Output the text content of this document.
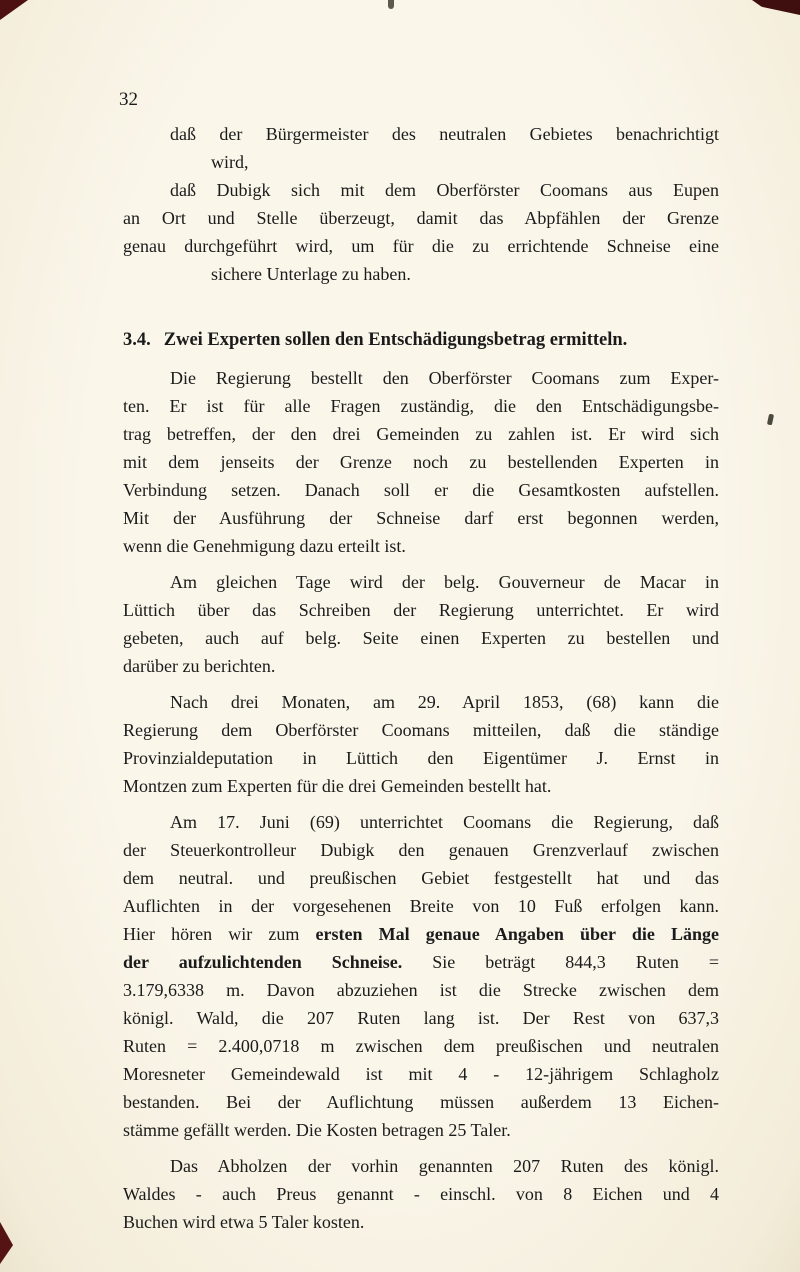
32
daß der Bürgermeister des neutralen Gebietes benachrichtigt
wird,
daß Dubigk sich mit dem Oberförster Coomans aus Eupen
an Ort und Stelle überzeugt, damit das Abpfählen der Grenze
genau durchgeführt wird, um für die zu errichtende Schneise eine
sichere Unterlage zu haben.
3.4. Zwei Experten sollen den Entschädigungsbetrag ermitteln.
Die Regierung bestellt den Oberförster Coomans zum Exper-
ten. Er ist für alle Fragen zuständig, die den Entschädigungsbe-
trag betreffen, der den drei Gemeinden zu zahlen ist. Er wird sich
mit dem jenseits der Grenze noch zu bestellenden Experten in
Verbindung setzen. Danach soll er die Gesamtkosten aufstellen.
Mit der Ausführung der Schneise darf erst begonnen werden,
wenn die Genehmigung dazu erteilt ist.
Am gleichen Tage wird der belg. Gouverneur de Macar in
Lüttich über das Schreiben der Regierung unterrichtet. Er wird
gebeten, auch auf belg. Seite einen Experten zu bestellen und
darüber zu berichten.
Nach drei Monaten, am 29. April 1853, (68) kann die
Regierung dem Oberförster Coomans mitteilen, daß die ständige
Provinzialdeputation in Lüttich den Eigentümer J. Ernst in
Montzen zum Experten für die drei Gemeinden bestellt hat.
Am 17. Juni (69) unterrichtet Coomans die Regierung, daß
der Steuerkontrolleur Dubigk den genauen Grenzverlauf zwischen
dem neutral. und preußischen Gebiet festgestellt hat und das
Auflichten in der vorgesehenen Breite von 10 Fuß erfolgen kann.
Hier hören wir zum ersten Mal genaue Angaben über die Länge
der aufzulichtenden Schneise. Sie beträgt 844,3 Ruten =
3.179,6338 m. Davon abzuziehen ist die Strecke zwischen dem
königl. Wald, die 207 Ruten lang ist. Der Rest von 637,3
Ruten = 2.400,0718 m zwischen dem preußischen und neutralen
Moresneter Gemeindewald ist mit 4 - 12-jährigem Schlagholz
bestanden. Bei der Auflichtung müssen außerdem 13 Eichen-
stämme gefällt werden. Die Kosten betragen 25 Taler.
Das Abholzen der vorhin genannten 207 Ruten des königl.
Waldes - auch Preus genannt - einschl. von 8 Eichen und 4
Buchen wird etwa 5 Taler kosten.
